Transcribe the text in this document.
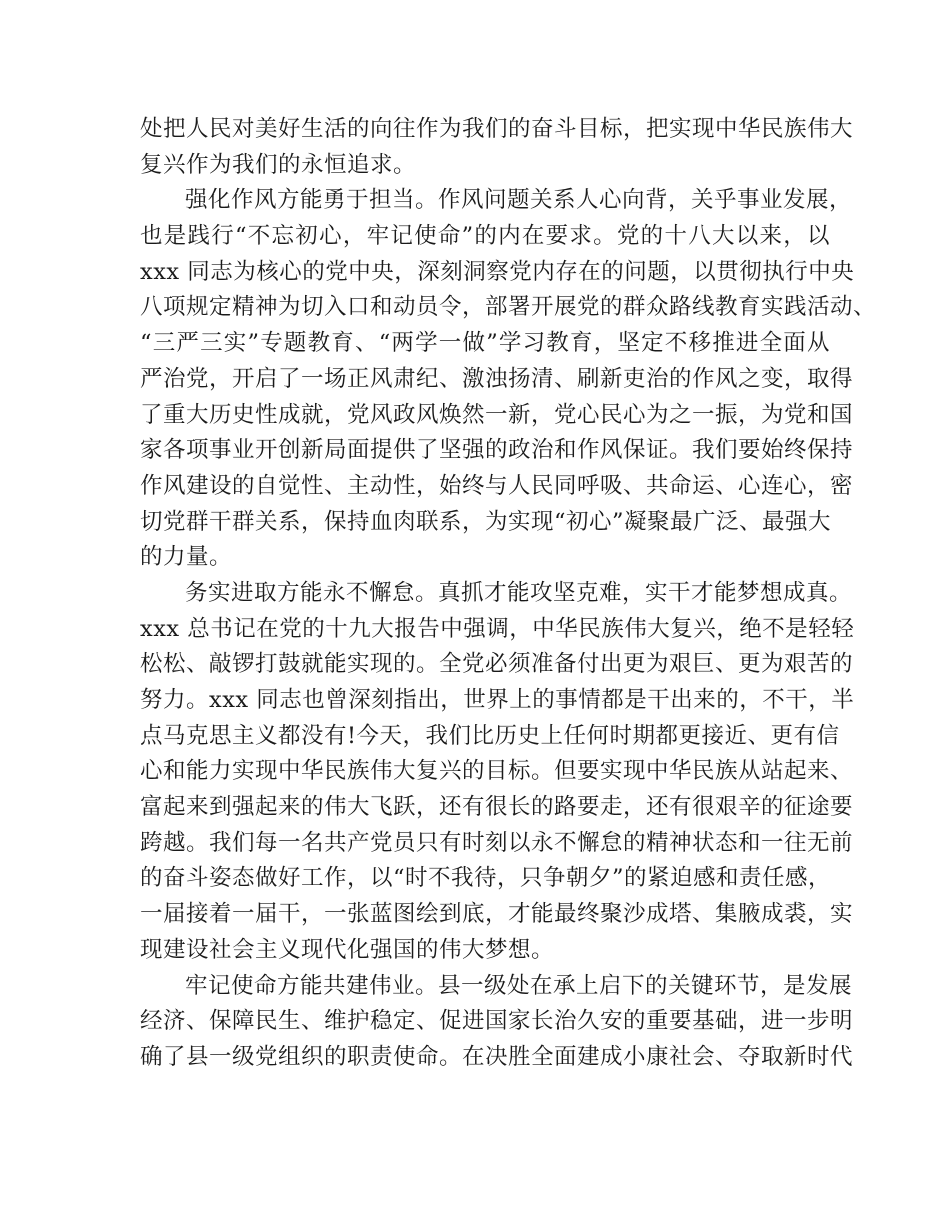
处把人民对美好生活的向往作为我们的奋斗目标，把实现中华民族伟大
复兴作为我们的永恒追求。
强化作风方能勇于担当。作风问题关系人心向背，关乎事业发展，
也是践行“不忘初心，牢记使命”的内在要求。党的十八大以来，以
xxx 同志为核心的党中央，深刻洞察党内存在的问题，以贯彻执行中央
八项规定精神为切入口和动员令，部署开展党的群众路线教育实践活动、
“三严三实”专题教育、“两学一做”学习教育，坚定不移推进全面从
严治党，开启了一场正风肃纪、激浊扬清、刷新吏治的作风之变，取得
了重大历史性成就，党风政风焕然一新，党心民心为之一振，为党和国
家各项事业开创新局面提供了坚强的政治和作风保证。我们要始终保持
作风建设的自觉性、主动性，始终与人民同呼吸、共命运、心连心，密
切党群干群关系，保持血肉联系，为实现“初心”凝聚最广泛、最强大
的力量。
务实进取方能永不懈怠。真抓才能攻坚克难，实干才能梦想成真。
xxx 总书记在党的十九大报告中强调，中华民族伟大复兴，绝不是轻轻
松松、敲锣打鼓就能实现的。全党必须准备付出更为艰巨、更为艰苦的
努力。xxx 同志也曾深刻指出，世界上的事情都是干出来的，不干，半
点马克思主义都没有!今天，我们比历史上任何时期都更接近、更有信
心和能力实现中华民族伟大复兴的目标。但要实现中华民族从站起来、
富起来到强起来的伟大飞跃，还有很长的路要走，还有很艰辛的征途要
跨越。我们每一名共产党员只有时刻以永不懈怠的精神状态和一往无前
的奋斗姿态做好工作，以“时不我待，只争朝夕”的紧迫感和责任感，
一届接着一届干，一张蓝图绘到底，才能最终聚沙成塔、集腋成裘，实
现建设社会主义现代化强国的伟大梦想。
牢记使命方能共建伟业。县一级处在承上启下的关键环节，是发展
经济、保障民生、维护稳定、促进国家长治久安的重要基础，进一步明
确了县一级党组织的职责使命。在决胜全面建成小康社会、夺取新时代
